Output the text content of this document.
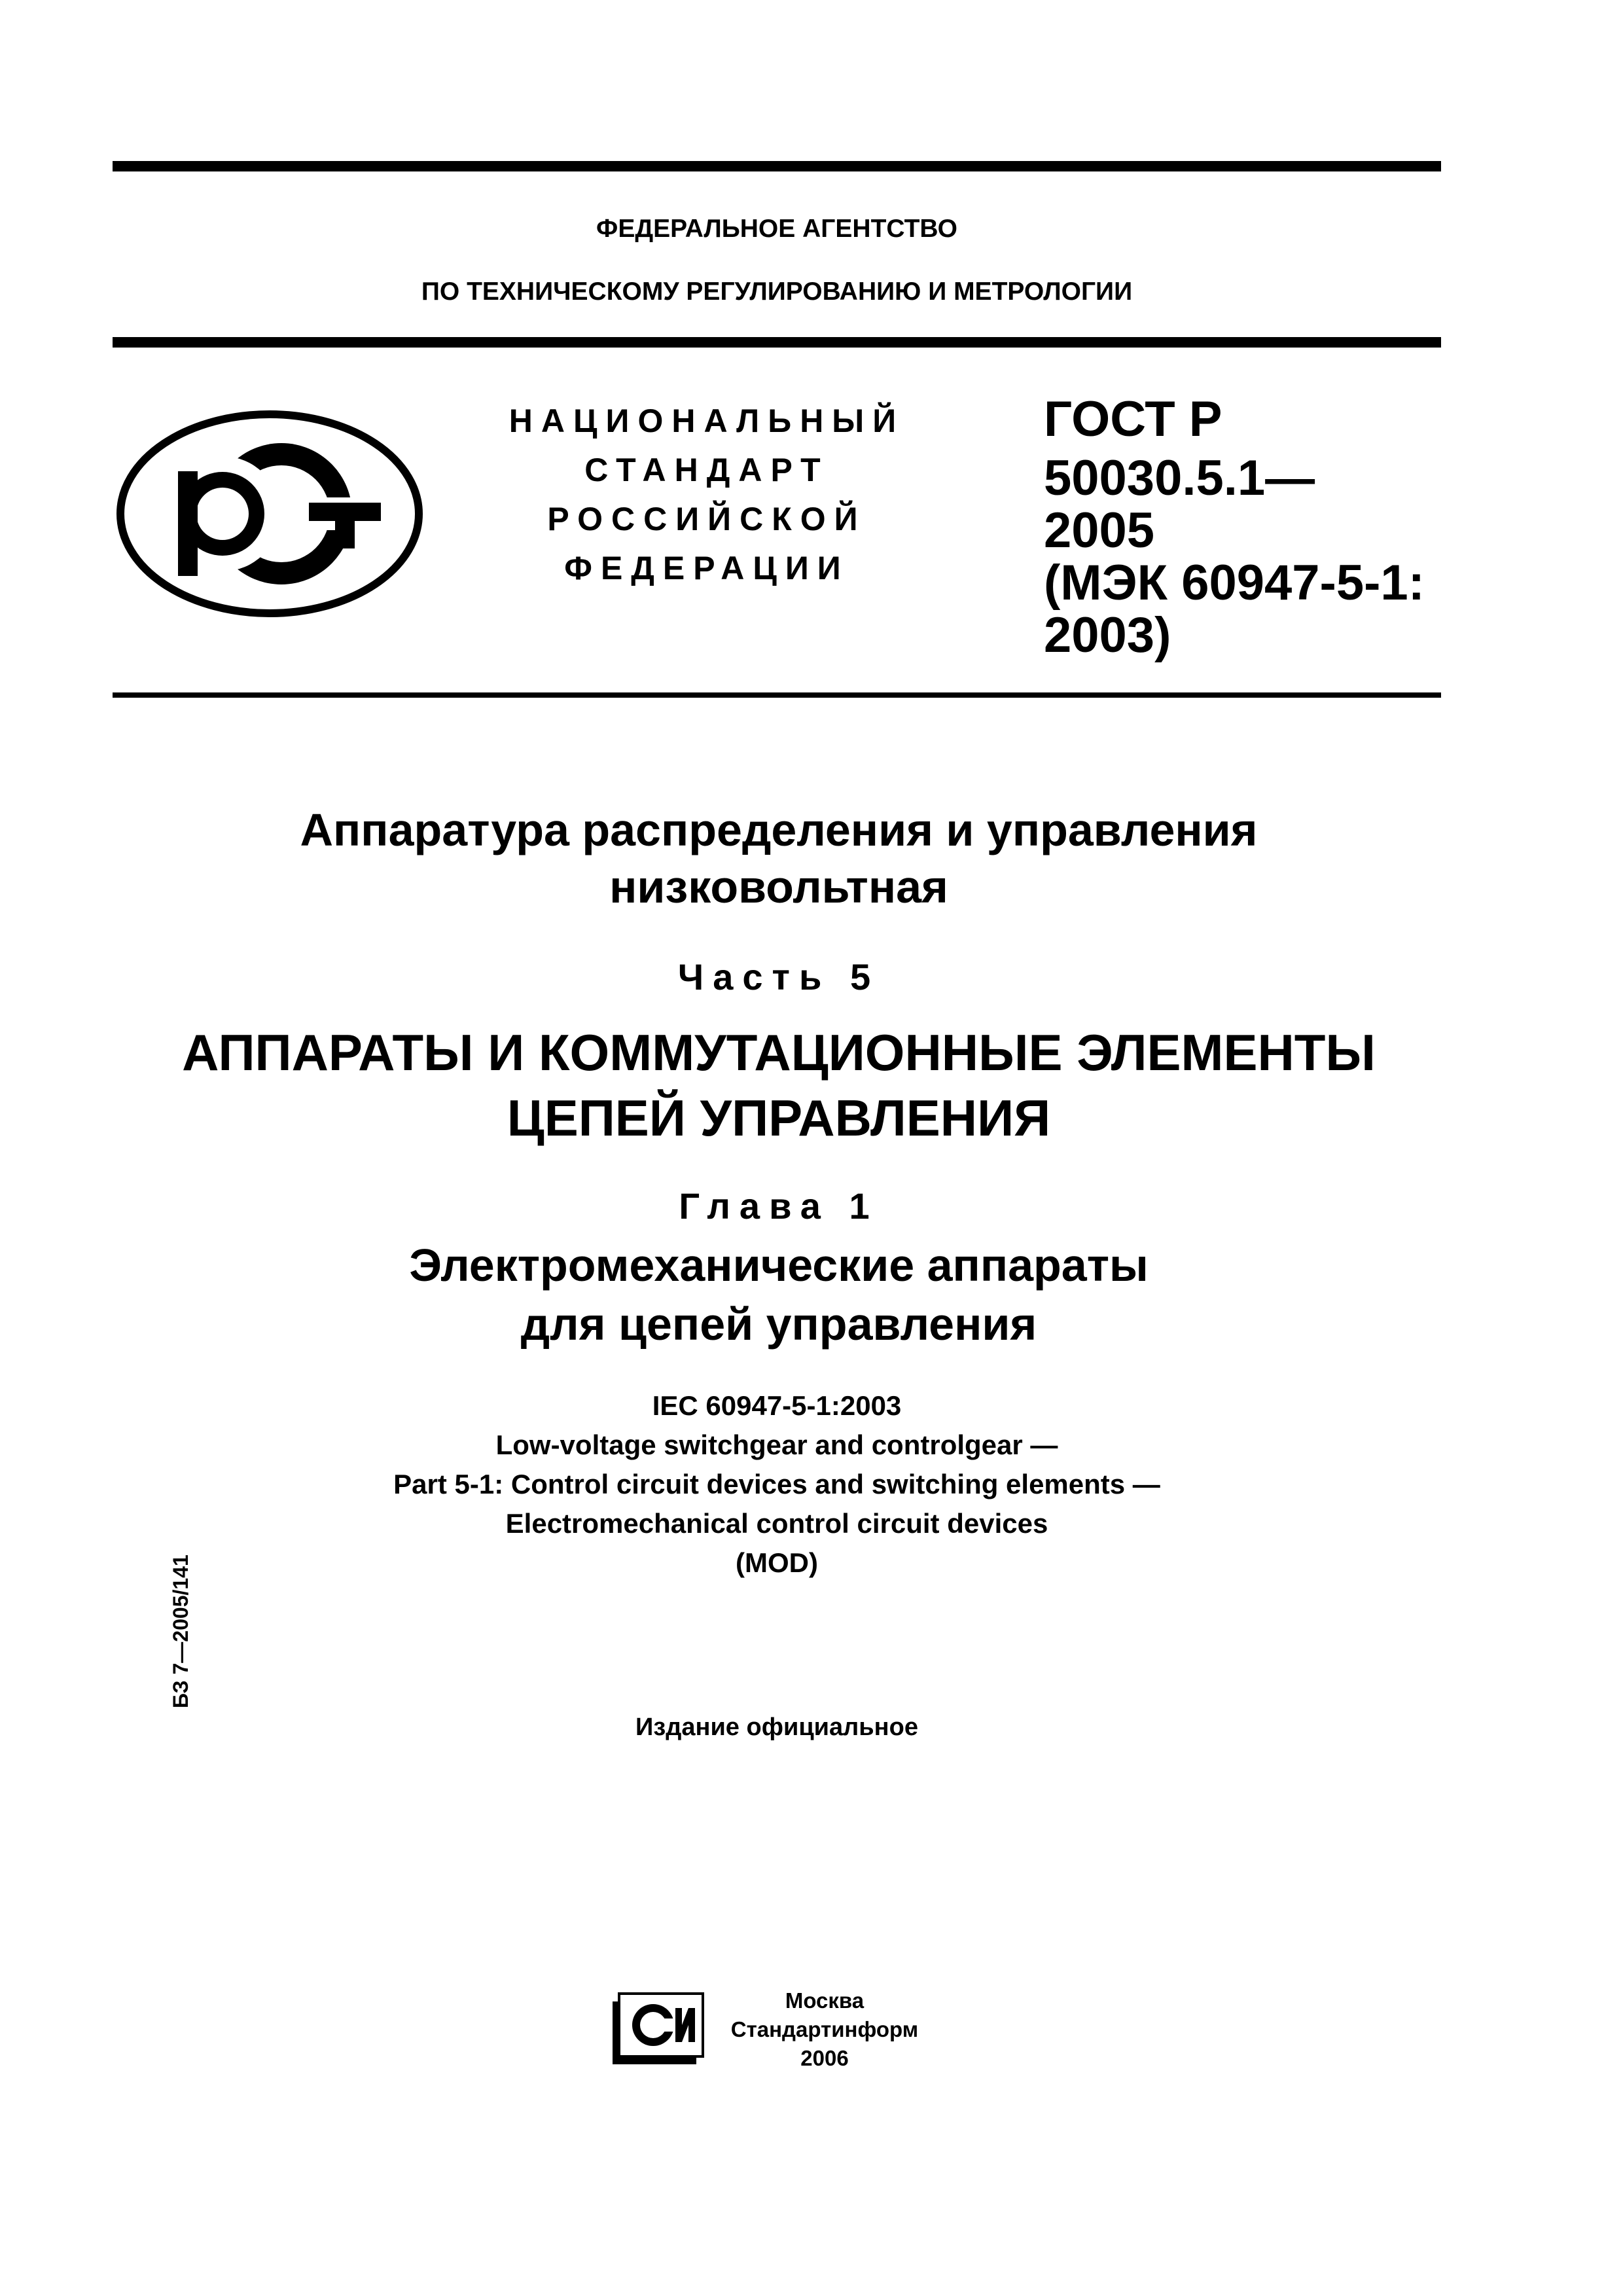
ФЕДЕРАЛЬНОЕ АГЕНТСТВО
ПО ТЕХНИЧЕСКОМУ РЕГУЛИРОВАНИЮ И МЕТРОЛОГИИ
НАЦИОНАЛЬНЫЙ
СТАНДАРТ
РОССИЙСКОЙ
ФЕДЕРАЦИИ
ГОСТ Р
50030.5.1—
2005
(МЭК 60947-5-1:
2003)
Аппаратура распределения и управления
низковольтная
Часть 5
АППАРАТЫ И КОММУТАЦИОННЫЕ ЭЛЕМЕНТЫ
ЦЕПЕЙ УПРАВЛЕНИЯ
Глава 1
Электромеханические аппараты
для цепей управления
IEC 60947-5-1:2003
Low-voltage switchgear and controlgear —
Part 5-1: Control circuit devices and switching elements —
Electromechanical control circuit devices
(MOD)
Издание официальное
БЗ 7—2005/141
Москва
Стандартинформ
2006
